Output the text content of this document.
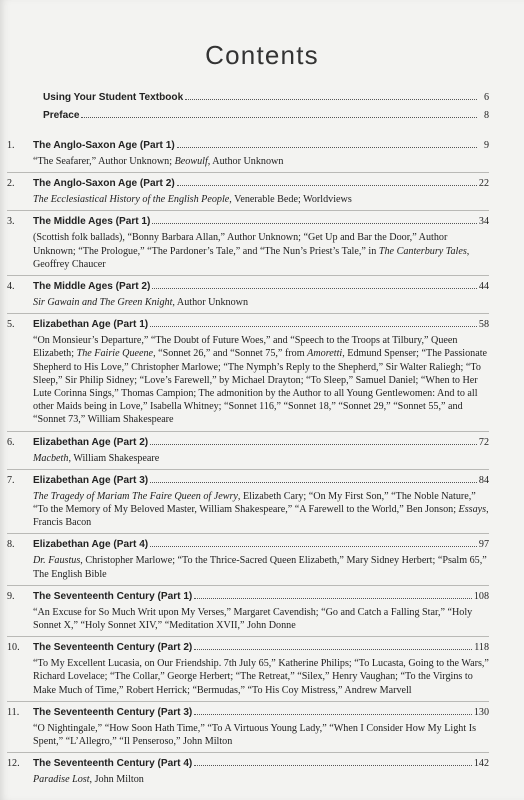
Contents
Using Your Student Textbook	6
Preface	8
1.	The Anglo-Saxon Age (Part 1)	9
“The Seafarer,” Author Unknown; Beowulf, Author Unknown
2.	The Anglo-Saxon Age (Part 2)	22
The Ecclesiastical History of the English People, Venerable Bede; Worldviews
3.	The Middle Ages (Part 1)	34
(Scottish folk ballads), “Bonny Barbara Allan,” Author Unknown; “Get Up and Bar the Door,” Author Unknown; “The Prologue,” “The Pardoner’s Tale,” and “The Nun’s Priest’s Tale,” in The Canterbury Tales, Geoffrey Chaucer
4.	The Middle Ages (Part 2)	44
Sir Gawain and The Green Knight, Author Unknown
5.	Elizabethan Age (Part 1)	58
“On Monsieur’s Departure,” “The Doubt of Future Woes,” and “Speech to the Troops at Tilbury,” Queen Elizabeth; The Fairie Queene, “Sonnet 26,” and “Sonnet 75,” from Amoretti, Edmund Spenser; “The Passionate Shepherd to His Love,” Christopher Marlowe; “The Nymph’s Reply to the Shepherd,” Sir Walter Raliegh; “To Sleep,” Sir Philip Sidney; “Love’s Farewell,” by Michael Drayton; “To Sleep,” Samuel Daniel; “When to Her Lute Corinna Sings,” Thomas Campion; The admonition by the Author to all Young Gentlewomen: And to all other Maids being in Love,” Isabella Whitney; “Sonnet 116,” “Sonnet 18,” “Sonnet 29,” “Sonnet 55,” and “Sonnet 73,” William Shakespeare
6.	Elizabethan Age (Part 2)	72
Macbeth, William Shakespeare
7.	Elizabethan Age (Part 3)	84
The Tragedy of Mariam The Faire Queen of Jewry, Elizabeth Cary; “On My First Son,” “The Noble Nature,” “To the Memory of My Beloved Master, William Shakespeare,” “A Farewell to the World,” Ben Jonson; Essays, Francis Bacon
8.	Elizabethan Age (Part 4)	97
Dr. Faustus, Christopher Marlowe; “To the Thrice-Sacred Queen Elizabeth,” Mary Sidney Herbert; “Psalm 65,” The English Bible
9.	The Seventeenth Century (Part 1)	108
“An Excuse for So Much Writ upon My Verses,” Margaret Cavendish; “Go and Catch a Falling Star,” “Holy Sonnet X,” “Holy Sonnet XIV,” “Meditation XVII,” John Donne
10.	The Seventeenth Century (Part 2)	118
“To My Excellent Lucasia, on Our Friendship. 7th July 65,” Katherine Philips; “To Lucasta, Going to the Wars,” Richard Lovelace; “The Collar,” George Herbert; “The Retreat,” “Silex,” Henry Vaughan; “To the Virgins to Make Much of Time,” Robert Herrick; “Bermudas,” “To His Coy Mistress,” Andrew Marvell
11.	The Seventeenth Century (Part 3)	130
“O Nightingale,” “How Soon Hath Time,” “To A Virtuous Young Lady,” “When I Consider How My Light Is Spent,” “L’Allegro,” “Il Penseroso,” John Milton
12.	The Seventeenth Century (Part 4)	142
Paradise Lost, John Milton
